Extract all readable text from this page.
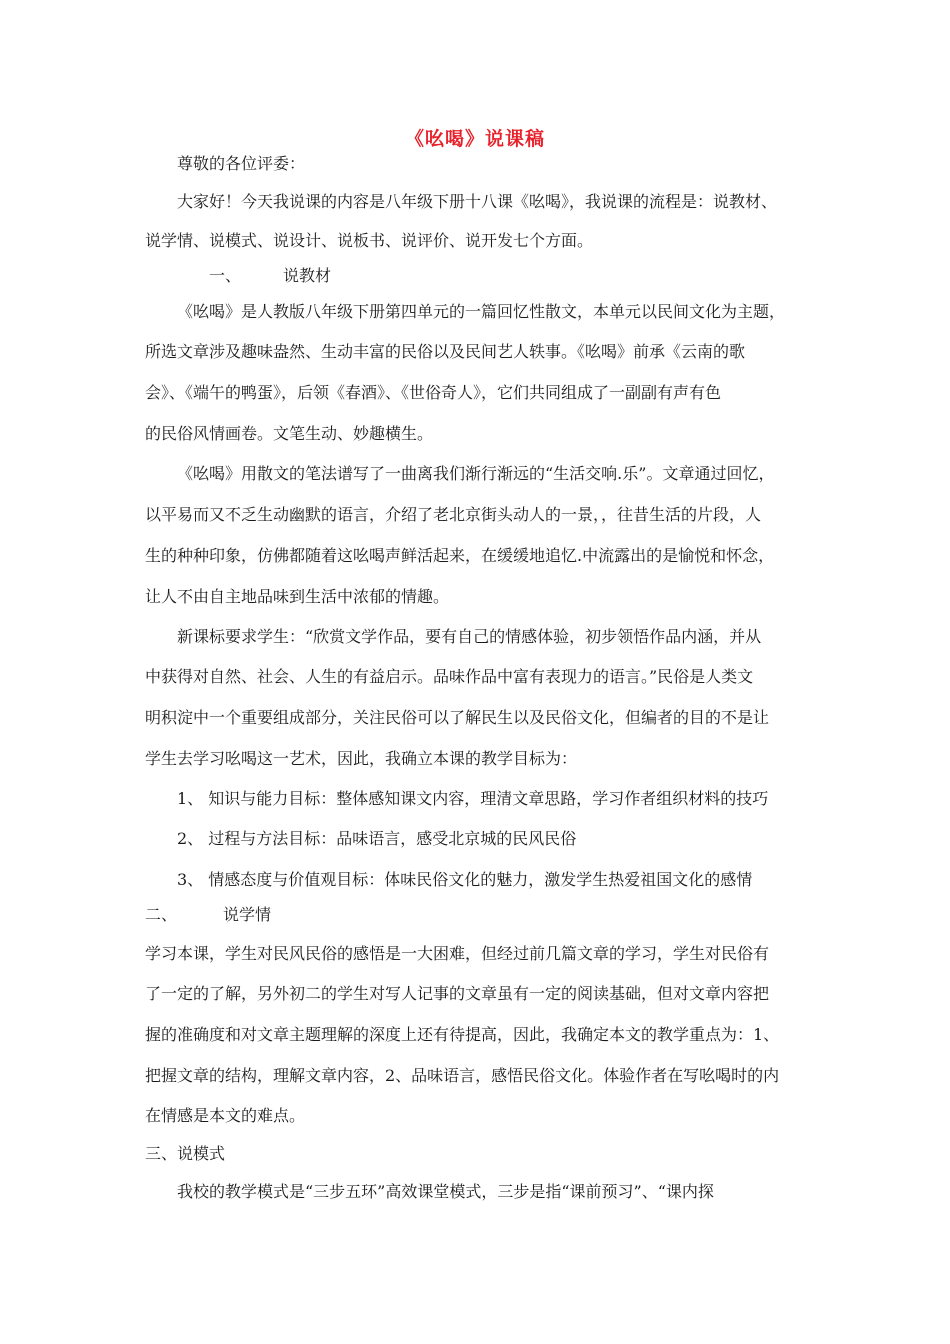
《吆喝》说课稿
尊敬的各位评委：
大家好！今天我说课的内容是八年级下册十八课《吆喝》，我说课的流程是：说教材、
说学情、说模式、说设计、说板书、说评价、说开发七个方面。
一、	说教材
《吆喝》是人教版八年级下册第四单元的一篇回忆性散文，本单元以民间文化为主题，
所选文章涉及趣味盎然、生动丰富的民俗以及民间艺人轶事。《吆喝》前承《云南的歌
会》、《端午的鸭蛋》，后领《春酒》、《世俗奇人》，它们共同组成了一副副有声有色
的民俗风情画卷。文笔生动、妙趣横生。
《吆喝》用散文的笔法谱写了一曲离我们渐行渐远的“生活交响.乐”。文章通过回忆，
以平易而又不乏生动幽默的语言，介绍了老北京街头动人的一景，，往昔生活的片段，人
生的种种印象，仿佛都随着这吆喝声鲜活起来，在缓缓地追忆.中流露出的是愉悦和怀念，
让人不由自主地品味到生活中浓郁的情趣。
新课标要求学生：“欣赏文学作品，要有自己的情感体验，初步领悟作品内涵，并从
中获得对自然、社会、人生的有益启示。品味作品中富有表现力的语言。”民俗是人类文
明积淀中一个重要组成部分，关注民俗可以了解民生以及民俗文化，但编者的目的不是让
学生去学习吆喝这一艺术，因此，我确立本课的教学目标为：
1、 知识与能力目标：整体感知课文内容，理清文章思路，学习作者组织材料的技巧
2、 过程与方法目标：品味语言，感受北京城的民风民俗
3、 情感态度与价值观目标：体味民俗文化的魅力，激发学生热爱祖国文化的感情
二、	说学情
学习本课，学生对民风民俗的感悟是一大困难，但经过前几篇文章的学习，学生对民俗有
了一定的了解，另外初二的学生对写人记事的文章虽有一定的阅读基础，但对文章内容把
握的准确度和对文章主题理解的深度上还有待提高，因此，我确定本文的教学重点为：1、
把握文章的结构，理解文章内容，2、品味语言，感悟民俗文化。体验作者在写吆喝时的内
在情感是本文的难点。
三、说模式
我校的教学模式是“三步五环”高效课堂模式，三步是指“课前预习”、“课内探
